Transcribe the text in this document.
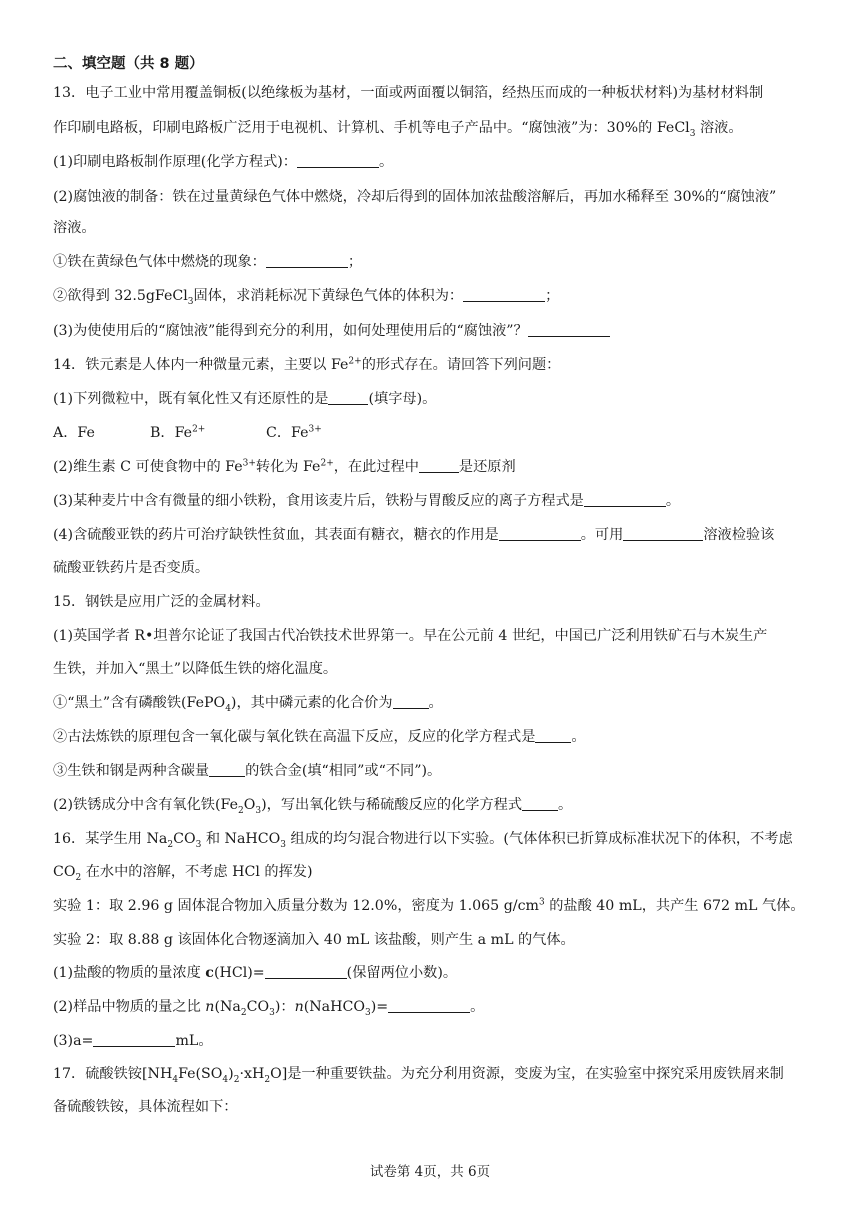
二、填空题（共 8 题）
13．电子工业中常用覆盖铜板(以绝缘板为基材，一面或两面覆以铜箔，经热压而成的一种板状材料)为基材材料制
作印刷电路板，印刷电路板广泛用于电视机、计算机、手机等电子产品中。“腐蚀液”为：30%的 FeCl$_3$ 溶液。
(1)印刷电路板制作原理(化学方程式)：	。
(2)腐蚀液的制备：铁在过量黄绿色气体中燃烧，冷却后得到的固体加浓盐酸溶解后，再加水稀释至 30%的“腐蚀液”
溶液。
①铁在黄绿色气体中燃烧的现象：	；
②欲得到 32.5gFeCl$_3$固体，求消耗标况下黄绿色气体的体积为：	；
(3)为使使用后的“腐蚀液”能得到充分的利用，如何处理使用后的“腐蚀液”？
14．铁元素是人体内一种微量元素，主要以 $Fe^{2+}$的形式存在。请回答下列问题：
(1)下列微粒中，既有氧化性又有还原性的是	(填字母)。
A．Fe	B．$Fe^{2+}$	C．$Fe^{3+}$
(2)维生素 C 可使食物中的 $Fe^{3+}$转化为 $Fe^{2+}$，在此过程中	是还原剂
(3)某种麦片中含有微量的细小铁粉，食用该麦片后，铁粉与胃酸反应的离子方程式是	。
(4)含硫酸亚铁的药片可治疗缺铁性贫血，其表面有糖衣，糖衣的作用是	。可用	溶液检验该
硫酸亚铁药片是否变质。
15．钢铁是应用广泛的金属材料。
(1)英国学者 R•坦普尔论证了我国古代冶铁技术世界第一。早在公元前 4 世纪，中国已广泛利用铁矿石与木炭生产
生铁，并加入“黑土”以降低生铁的熔化温度。
①“黑土”含有磷酸铁(FePO$_4$)，其中磷元素的化合价为	。
②古法炼铁的原理包含一氧化碳与氧化铁在高温下反应，反应的化学方程式是	。
③生铁和钢是两种含碳量	的铁合金(填“相同”或“不同”)。
(2)铁锈成分中含有氧化铁$(Fe_2O_3)$，写出氧化铁与稀硫酸反应的化学方程式	。
16．某学生用 $Na_2CO_3$ 和 NaHCO$_3$ 组成的均匀混合物进行以下实验。(气体体积已折算成标准状况下的体积，不考虑
$CO_2$ 在水中的溶解，不考虑 HCl 的挥发)
实验 1：取 2.96 g 固体混合物加入质量分数为 12.0%，密度为 1.065 $g/cm^3$ 的盐酸 40 mL，共产生 672 mL 气体。
实验 2：取 8.88 g 该固体化合物逐滴加入 40 mL 该盐酸，则产生 a mL 的气体。
(1)盐酸的物质的量浓度 c(HCl)=	(保留两位小数)。
(2)样品中物质的量之比 $n(Na_2CO_3)$：n(NaHCO$_3$)=	。
(3)a=	mL。
17．硫酸铁铵$[NH_4Fe(SO_4)_2\cdot xH_2O]$是一种重要铁盐。为充分利用资源，变废为宝，在实验室中探究采用废铁屑来制
备硫酸铁铵，具体流程如下：
试卷第 4页，共 6页
